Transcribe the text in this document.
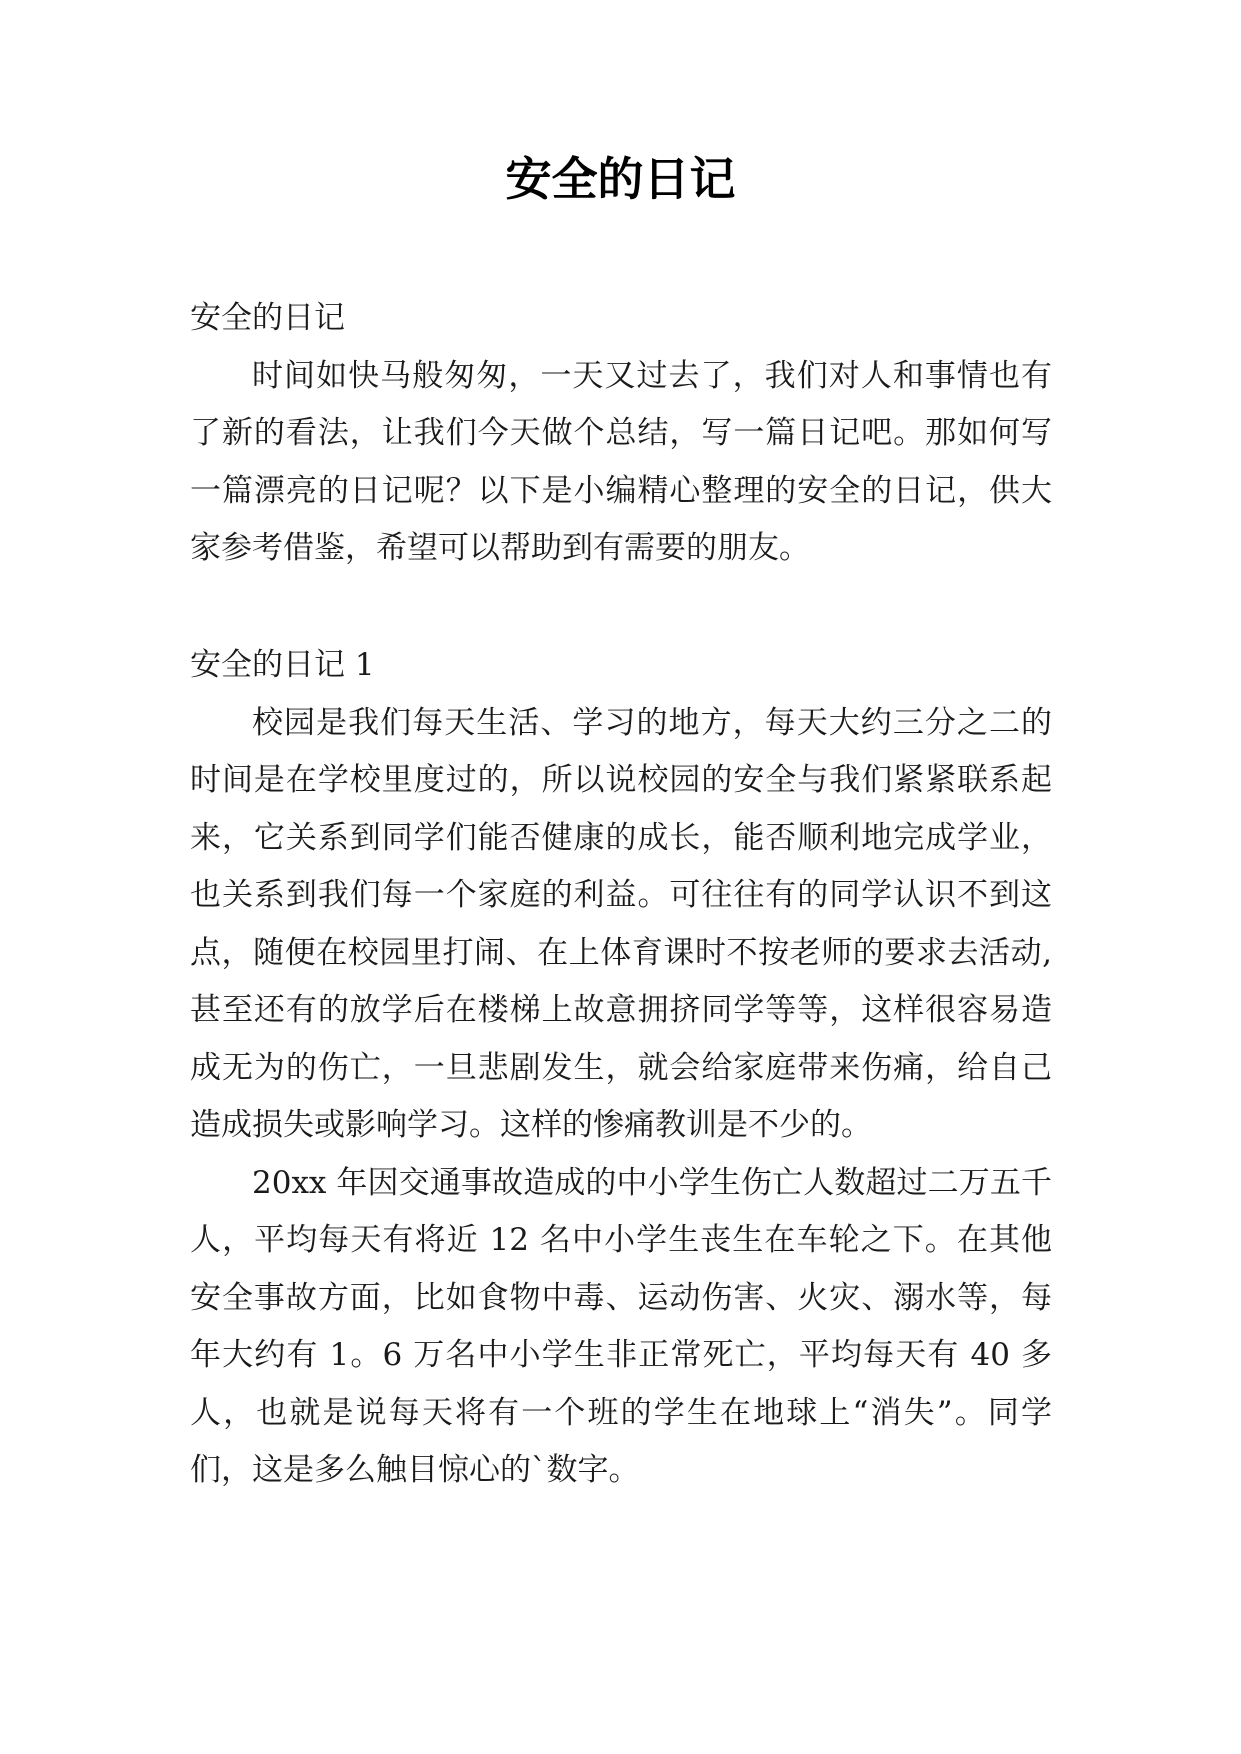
安全的日记

安全的日记

时间如快马般匆匆，一天又过去了，我们对人和事情也有了新的看法，让我们今天做个总结，写一篇日记吧。那如何写一篇漂亮的日记呢？以下是小编精心整理的安全的日记，供大家参考借鉴，希望可以帮助到有需要的朋友。

安全的日记 1

校园是我们每天生活、学习的地方，每天大约三分之二的时间是在学校里度过的，所以说校园的安全与我们紧紧联系起来，它关系到同学们能否健康的成长，能否顺利地完成学业，也关系到我们每一个家庭的利益。可往往有的同学认识不到这点，随便在校园里打闹、在上体育课时不按老师的要求去活动,甚至还有的放学后在楼梯上故意拥挤同学等等，这样很容易造成无为的伤亡，一旦悲剧发生，就会给家庭带来伤痛，给自己造成损失或影响学习。这样的惨痛教训是不少的。

20xx 年因交通事故造成的中小学生伤亡人数超过二万五千人，平均每天有将近 12 名中小学生丧生在车轮之下。在其他安全事故方面，比如食物中毒、运动伤害、火灾、溺水等，每年大约有 1。6 万名中小学生非正常死亡，平均每天有 40 多人，也就是说每天将有一个班的学生在地球上“消失”。同学们，这是多么触目惊心的`数字。
